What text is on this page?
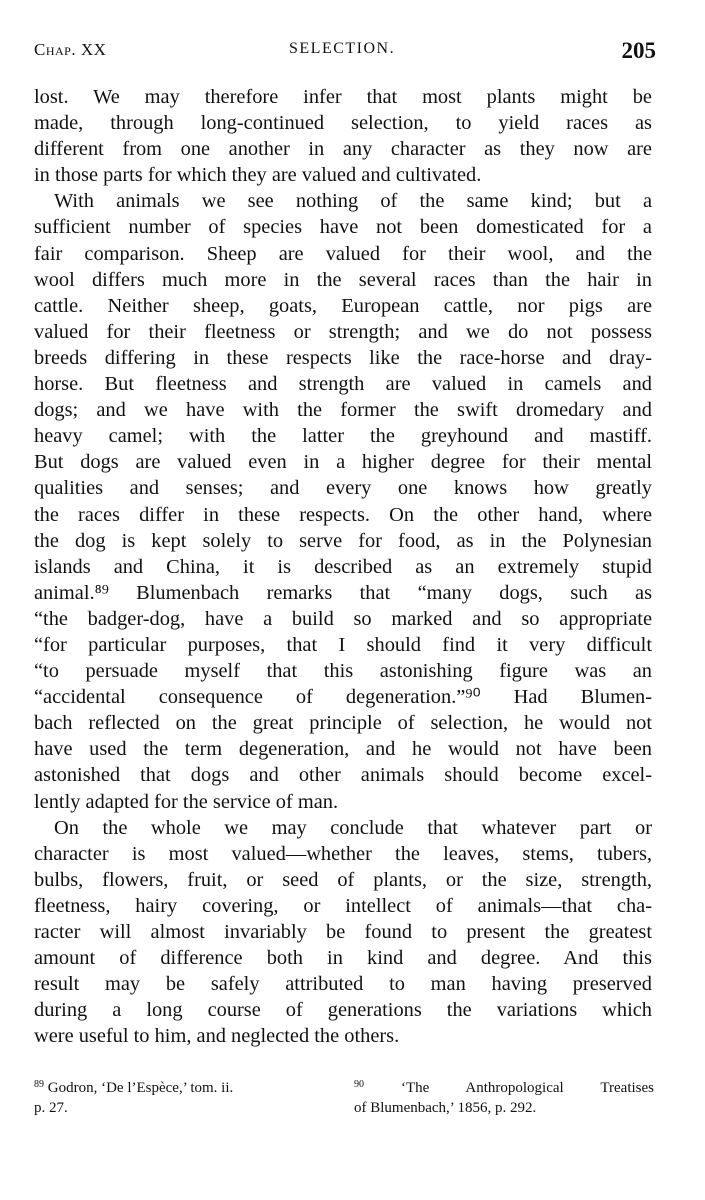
Chap. XX	SELECTION.	205
lost. We may therefore infer that most plants might be
made, through long-continued selection, to yield races as
different from one another in any character as they now are
in those parts for which they are valued and cultivated.
With animals we see nothing of the same kind; but a
sufficient number of species have not been domesticated for a
fair comparison. Sheep are valued for their wool, and the
wool differs much more in the several races than the hair in
cattle. Neither sheep, goats, European cattle, nor pigs are
valued for their fleetness or strength; and we do not possess
breeds differing in these respects like the race-horse and dray-
horse. But fleetness and strength are valued in camels and
dogs; and we have with the former the swift dromedary and
heavy camel; with the latter the greyhound and mastiff.
But dogs are valued even in a higher degree for their mental
qualities and senses; and every one knows how greatly
the races differ in these respects. On the other hand, where
the dog is kept solely to serve for food, as in the Polynesian
islands and China, it is described as an extremely stupid
animal.⁸⁹ Blumenbach remarks that “many dogs, such as
“the badger-dog, have a build so marked and so appropriate
“for particular purposes, that I should find it very difficult
“to persuade myself that this astonishing figure was an
“accidental consequence of degeneration.”⁹⁰ Had Blumen-
bach reflected on the great principle of selection, he would not
have used the term degeneration, and he would not have been
astonished that dogs and other animals should become excel-
lently adapted for the service of man.
On the whole we may conclude that whatever part or
character is most valued—whether the leaves, stems, tubers,
bulbs, flowers, fruit, or seed of plants, or the size, strength,
fleetness, hairy covering, or intellect of animals—that cha-
racter will almost invariably be found to present the greatest
amount of difference both in kind and degree. And this
result may be safely attributed to man having preserved
during a long course of generations the variations which
were useful to him, and neglected the others.
$^{89}$ Godron, ‘De l’Espèce,’ tom. ii.
p. 27.
$^{90}$ ‘The Anthropological Treatises
of Blumenbach,’ 1856, p. 292.
